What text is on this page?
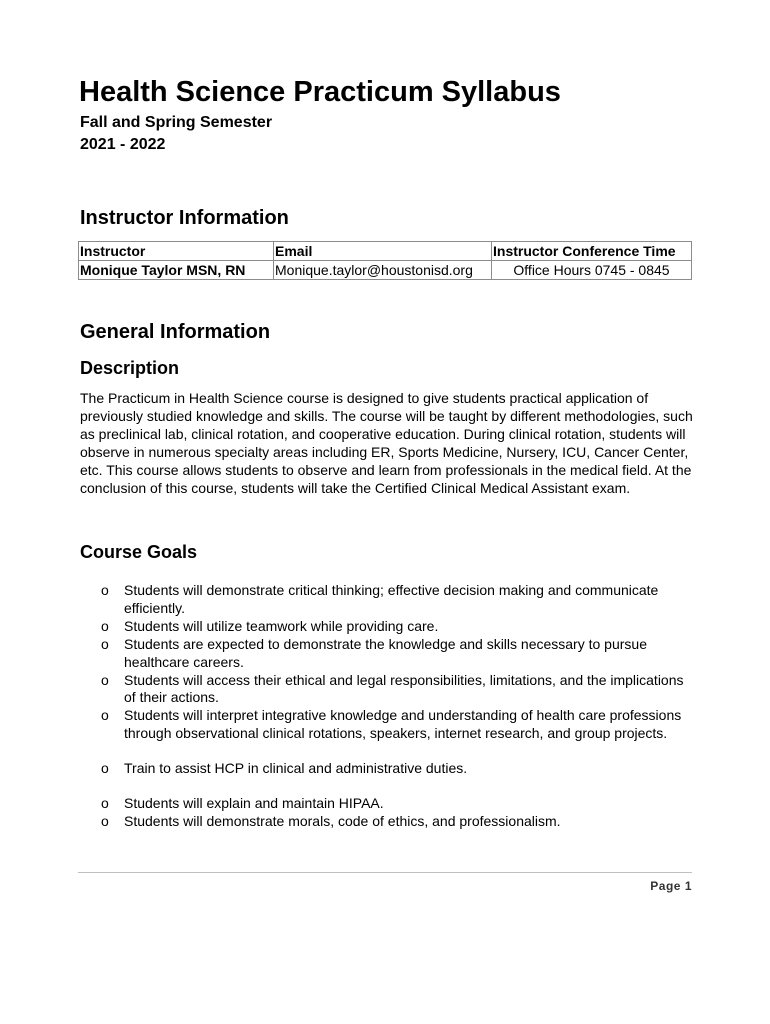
Health Science Practicum Syllabus

Fall and Spring Semester

2021 - 2022

Instructor Information
Instructor	Email	Instructor Conference Time
Monique Taylor MSN, RN	Monique.taylor@houstonisd.org	Office Hours 0745 - 0845
General Information
Description

The Practicum in Health Science course is designed to give students practical application of previously studied knowledge and skills. The course will be taught by different methodologies, such as preclinical lab, clinical rotation, and cooperative education. During clinical rotation, students will observe in numerous specialty areas including ER, Sports Medicine, Nursery, ICU, Cancer Center, etc. This course allows students to observe and learn from professionals in the medical field. At the conclusion of this course, students will take the Certified Clinical Medical Assistant exam.

Course Goals
o Students will demonstrate critical thinking; effective decision making and communicate efficiently.
o Students will utilize teamwork while providing care.
o Students are expected to demonstrate the knowledge and skills necessary to pursue healthcare careers.
o Students will access their ethical and legal responsibilities, limitations, and the implications of their actions.
o Students will interpret integrative knowledge and understanding of health care professions through observational clinical rotations, speakers, internet research, and group projects.
o Train to assist HCP in clinical and administrative duties.
o Students will explain and maintain HIPAA.
o Students will demonstrate morals, code of ethics, and professionalism.
Page 1
